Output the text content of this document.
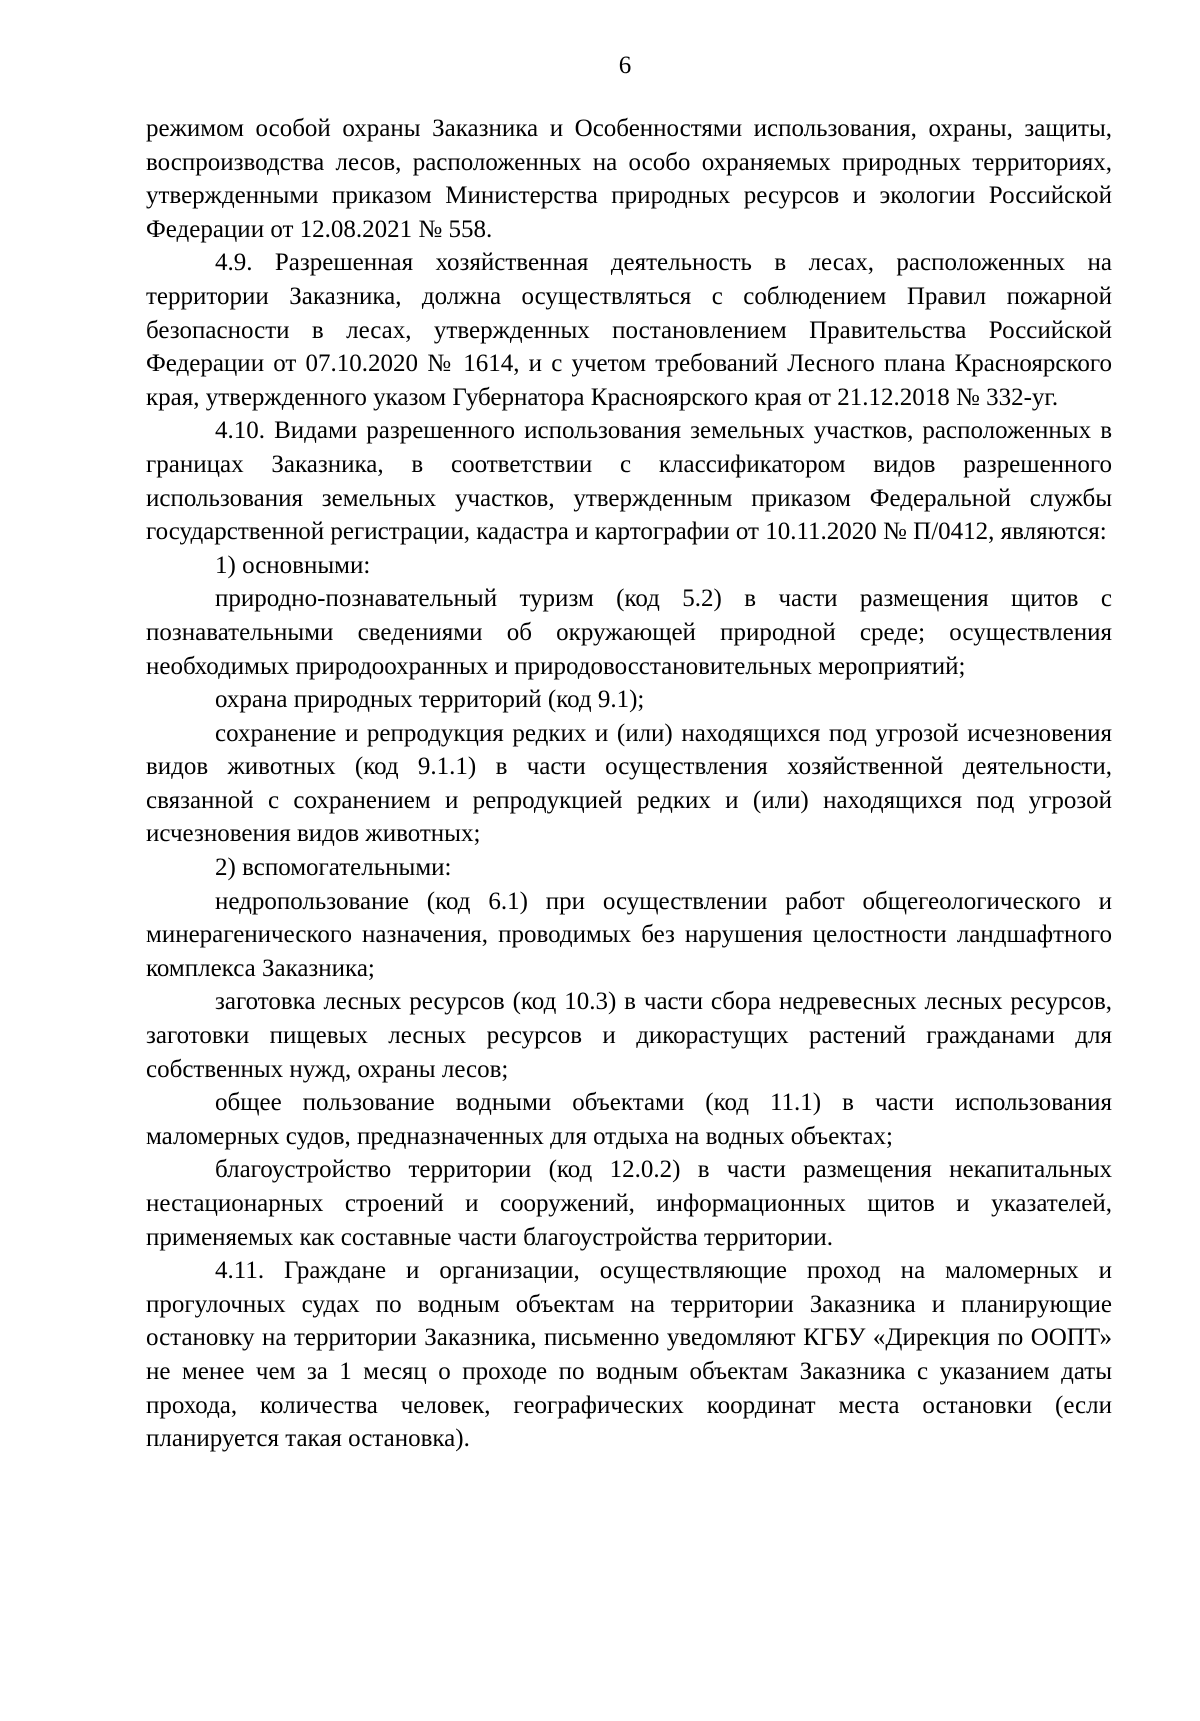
6

режимом особой охраны Заказника и Особенностями использования, охраны, защиты, воспроизводства лесов, расположенных на особо охраняемых природных территориях, утвержденными приказом Министерства природных ресурсов и экологии Российской Федерации от 12.08.2021 № 558.

4.9. Разрешенная хозяйственная деятельность в лесах, расположенных на территории Заказника, должна осуществляться с соблюдением Правил пожарной безопасности в лесах, утвержденных постановлением Правительства Российской Федерации от 07.10.2020 № 1614, и с учетом требований Лесного плана Красноярского края, утвержденного указом Губернатора Красноярского края от 21.12.2018 № 332-уг.

4.10. Видами разрешенного использования земельных участков, расположенных в границах Заказника, в соответствии с классификатором видов разрешенного использования земельных участков, утвержденным приказом Федеральной службы государственной регистрации, кадастра и картографии от 10.11.2020 № П/0412, являются:

1) основными:

природно-познавательный туризм (код 5.2) в части размещения щитов с познавательными сведениями об окружающей природной среде; осуществления необходимых природоохранных и природовосстановительных мероприятий;

охрана природных территорий (код 9.1);

сохранение и репродукция редких и (или) находящихся под угрозой исчезновения видов животных (код 9.1.1) в части осуществления хозяйственной деятельности, связанной с сохранением и репродукцией редких и (или) находящихся под угрозой исчезновения видов животных;

2) вспомогательными:

недропользование (код 6.1) при осуществлении работ общегеологического и минерагенического назначения, проводимых без нарушения целостности ландшафтного комплекса Заказника;

заготовка лесных ресурсов (код 10.3) в части сбора недревесных лесных ресурсов, заготовки пищевых лесных ресурсов и дикорастущих растений гражданами для собственных нужд, охраны лесов;

общее пользование водными объектами (код 11.1) в части использования маломерных судов, предназначенных для отдыха на водных объектах;

благоустройство территории (код 12.0.2) в части размещения некапитальных нестационарных строений и сооружений, информационных щитов и указателей, применяемых как составные части благоустройства территории.

4.11. Граждане и организации, осуществляющие проход на маломерных и прогулочных судах по водным объектам на территории Заказника и планирующие остановку на территории Заказника, письменно уведомляют КГБУ «Дирекция по ООПТ» не менее чем за 1 месяц о проходе по водным объектам Заказника с указанием даты прохода, количества человек, географических координат места остановки (если планируется такая остановка).
